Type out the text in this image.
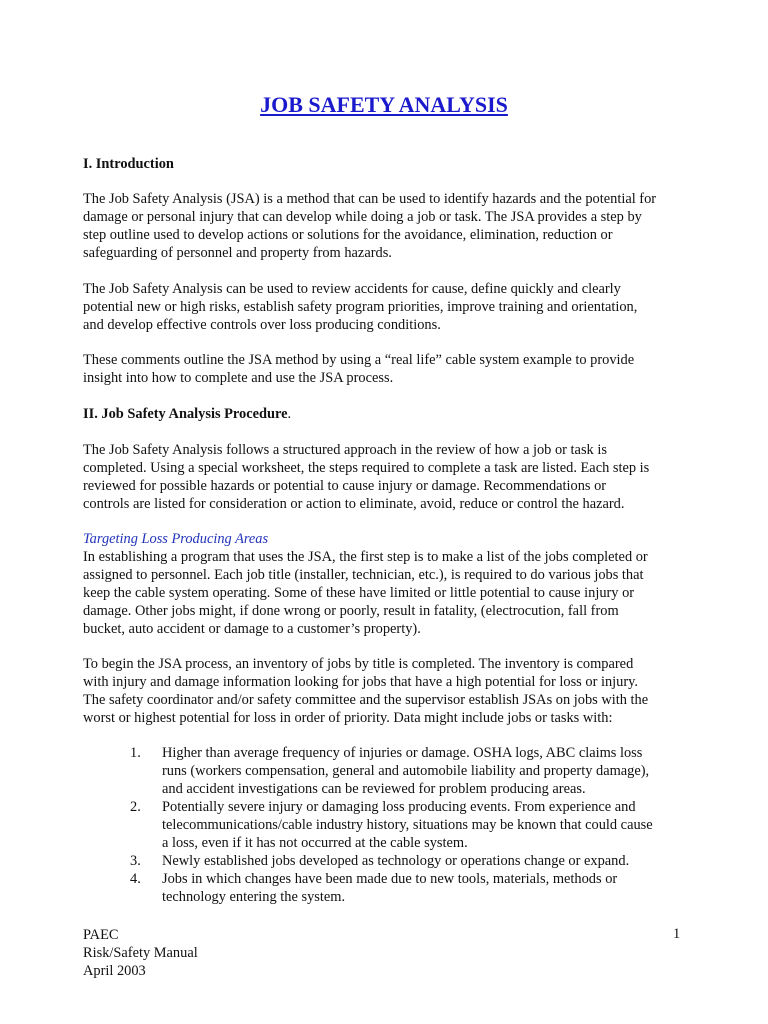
JOB SAFETY ANALYSIS
I. Introduction
The Job Safety Analysis (JSA) is a method that can be used to identify hazards and the potential for
damage or personal injury that can develop while doing a job or task. The JSA provides a step by
step outline used to develop actions or solutions for the avoidance, elimination, reduction or
safeguarding of personnel and property from hazards.
The Job Safety Analysis can be used to review accidents for cause, define quickly and clearly
potential new or high risks, establish safety program priorities, improve training and orientation,
and develop effective controls over loss producing conditions.
These comments outline the JSA method by using a “real life” cable system example to provide
insight into how to complete and use the JSA process.
II. Job Safety Analysis Procedure.
The Job Safety Analysis follows a structured approach in the review of how a job or task is
completed. Using a special worksheet, the steps required to complete a task are listed. Each step is
reviewed for possible hazards or potential to cause injury or damage. Recommendations or
controls are listed for consideration or action to eliminate, avoid, reduce or control the hazard.
Targeting Loss Producing Areas
In establishing a program that uses the JSA, the first step is to make a list of the jobs completed or
assigned to personnel. Each job title (installer, technician, etc.), is required to do various jobs that
keep the cable system operating. Some of these have limited or little potential to cause injury or
damage. Other jobs might, if done wrong or poorly, result in fatality, (electrocution, fall from
bucket, auto accident or damage to a customer’s property).
To begin the JSA process, an inventory of jobs by title is completed. The inventory is compared
with injury and damage information looking for jobs that have a high potential for loss or injury.
The safety coordinator and/or safety committee and the supervisor establish JSAs on jobs with the
worst or highest potential for loss in order of priority. Data might include jobs or tasks with:
1. Higher than average frequency of injuries or damage. OSHA logs, ABC claims loss
runs (workers compensation, general and automobile liability and property damage),
and accident investigations can be reviewed for problem producing areas.
2. Potentially severe injury or damaging loss producing events. From experience and
telecommunications/cable industry history, situations may be known that could cause
a loss, even if it has not occurred at the cable system.
3. Newly established jobs developed as technology or operations change or expand.
4. Jobs in which changes have been made due to new tools, materials, methods or
technology entering the system.
PAEC
Risk/Safety Manual
April 2003
1
